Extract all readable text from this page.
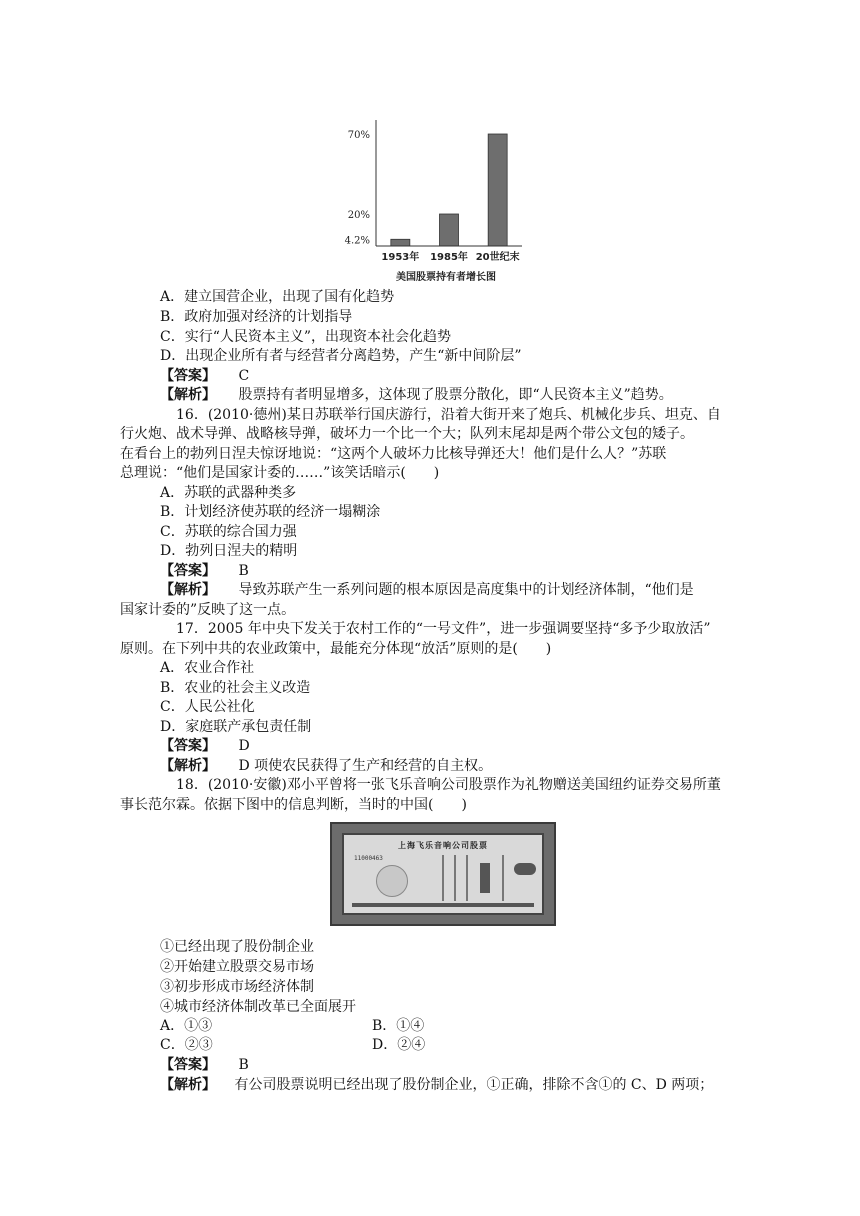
4.2%
20%
70%
1953年 1985年 20世纪末
美国股票持有者增长图
A．建立国营企业，出现了国有化趋势
B．政府加强对经济的计划指导
C．实行“人民资本主义”，出现资本社会化趋势
D．出现企业所有者与经营者分离趋势，产生“新中间阶层”
【答案】 C
【解析】 股票持有者明显增多，这体现了股票分散化，即“人民资本主义”趋势。
16．(2010·德州)某日苏联举行国庆游行，沿着大街开来了炮兵、机械化步兵、坦克、自
行火炮、战术导弹、战略核导弹，破坏力一个比一个大；队列末尾却是两个带公文包的矮子。
在看台上的勃列日涅夫惊讶地说：“这两个人破坏力比核导弹还大！他们是什么人？”苏联
总理说：“他们是国家计委的……”该笑话暗示(　　)
A．苏联的武器种类多
B．计划经济使苏联的经济一塌糊涂
C．苏联的综合国力强
D．勃列日涅夫的精明
【答案】 B
【解析】 导致苏联产生一系列问题的根本原因是高度集中的计划经济体制，“他们是
国家计委的”反映了这一点。
17．2005 年中央下发关于农村工作的“一号文件”，进一步强调要坚持“多予少取放活”
原则。在下列中共的农业政策中，最能充分体现“放活”原则的是(　　)
A．农业合作社
B．农业的社会主义改造
C．人民公社化
D．家庭联产承包责任制
【答案】 D
【解析】 D 项使农民获得了生产和经营的自主权。
18．(2010·安徽)邓小平曾将一张飞乐音响公司股票作为礼物赠送美国纽约证券交易所董
事长范尔霖。依据下图中的信息判断，当时的中国(　　)
上海飞乐音响公司股票
11000463
①已经出现了股份制企业
②开始建立股票交易市场
③初步形成市场经济体制
④城市经济体制改革已全面展开
A．①③	B．①④
C．②③	D．②④
【答案】 B
【解析】 有公司股票说明已经出现了股份制企业，①正确，排除不含①的 C、D 两项；
